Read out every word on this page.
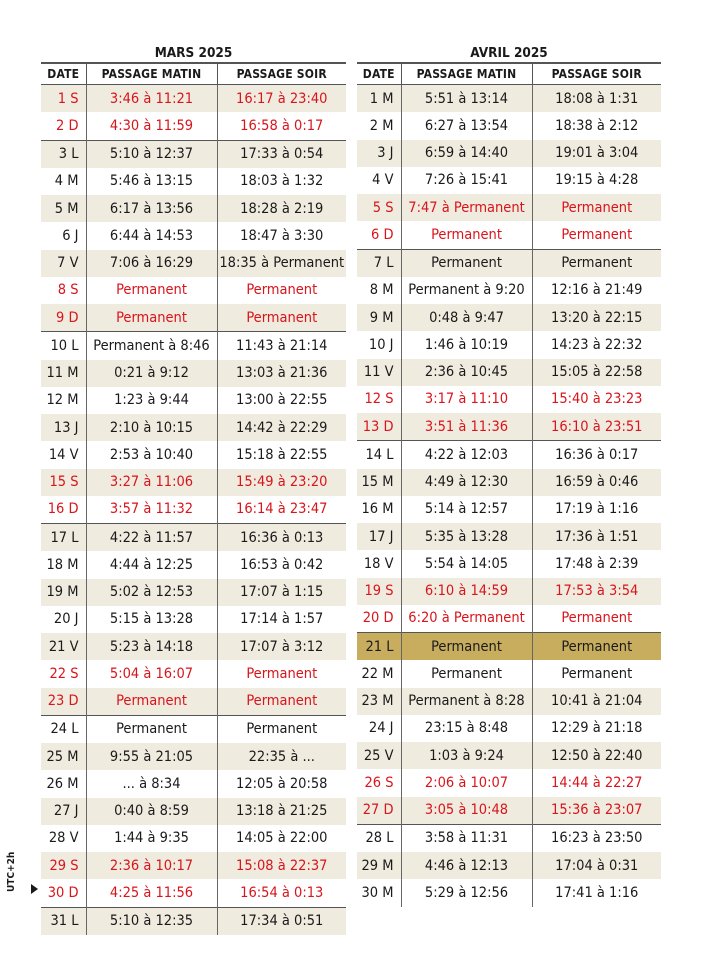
MARS 2025
DATE	PASSAGE MATIN	PASSAGE SOIR
1 S	3:46 à 11:21	16:17 à 23:40
2 D	4:30 à 11:59	16:58 à 0:17
3 L	5:10 à 12:37	17:33 à 0:54
4 M	5:46 à 13:15	18:03 à 1:32
5 M	6:17 à 13:56	18:28 à 2:19
6 J	6:44 à 14:53	18:47 à 3:30
7 V	7:06 à 16:29	18:35 à Permanent
8 S	Permanent	Permanent
9 D	Permanent	Permanent
10 L	Permanent à 8:46	11:43 à 21:14
11 M	0:21 à 9:12	13:03 à 21:36
12 M	1:23 à 9:44	13:00 à 22:55
13 J	2:10 à 10:15	14:42 à 22:29
14 V	2:53 à 10:40	15:18 à 22:55
15 S	3:27 à 11:06	15:49 à 23:20
16 D	3:57 à 11:32	16:14 à 23:47
17 L	4:22 à 11:57	16:36 à 0:13
18 M	4:44 à 12:25	16:53 à 0:42
19 M	5:02 à 12:53	17:07 à 1:15
20 J	5:15 à 13:28	17:14 à 1:57
21 V	5:23 à 14:18	17:07 à 3:12
22 S	5:04 à 16:07	Permanent
23 D	Permanent	Permanent
24 L	Permanent	Permanent
25 M	9:55 à 21:05	22:35 à ...
26 M	... à 8:34	12:05 à 20:58
27 J	0:40 à 8:59	13:18 à 21:25
28 V	1:44 à 9:35	14:05 à 22:00
29 S	2:36 à 10:17	15:08 à 22:37
30 D	4:25 à 11:56	16:54 à 0:13
31 L	5:10 à 12:35	17:34 à 0:51
AVRIL 2025
DATE	PASSAGE MATIN	PASSAGE SOIR
1 M	5:51 à 13:14	18:08 à 1:31
2 M	6:27 à 13:54	18:38 à 2:12
3 J	6:59 à 14:40	19:01 à 3:04
4 V	7:26 à 15:41	19:15 à 4:28
5 S	7:47 à Permanent	Permanent
6 D	Permanent	Permanent
7 L	Permanent	Permanent
8 M	Permanent à 9:20	12:16 à 21:49
9 M	0:48 à 9:47	13:20 à 22:15
10 J	1:46 à 10:19	14:23 à 22:32
11 V	2:36 à 10:45	15:05 à 22:58
12 S	3:17 à 11:10	15:40 à 23:23
13 D	3:51 à 11:36	16:10 à 23:51
14 L	4:22 à 12:03	16:36 à 0:17
15 M	4:49 à 12:30	16:59 à 0:46
16 M	5:14 à 12:57	17:19 à 1:16
17 J	5:35 à 13:28	17:36 à 1:51
18 V	5:54 à 14:05	17:48 à 2:39
19 S	6:10 à 14:59	17:53 à 3:54
20 D	6:20 à Permanent	Permanent
21 L	Permanent	Permanent
22 M	Permanent	Permanent
23 M	Permanent à 8:28	10:41 à 21:04
24 J	23:15 à 8:48	12:29 à 21:18
25 V	1:03 à 9:24	12:50 à 22:40
26 S	2:06 à 10:07	14:44 à 22:27
27 D	3:05 à 10:48	15:36 à 23:07
28 L	3:58 à 11:31	16:23 à 23:50
29 M	4:46 à 12:13	17:04 à 0:31
30 M	5:29 à 12:56	17:41 à 1:16
UTC+2h
